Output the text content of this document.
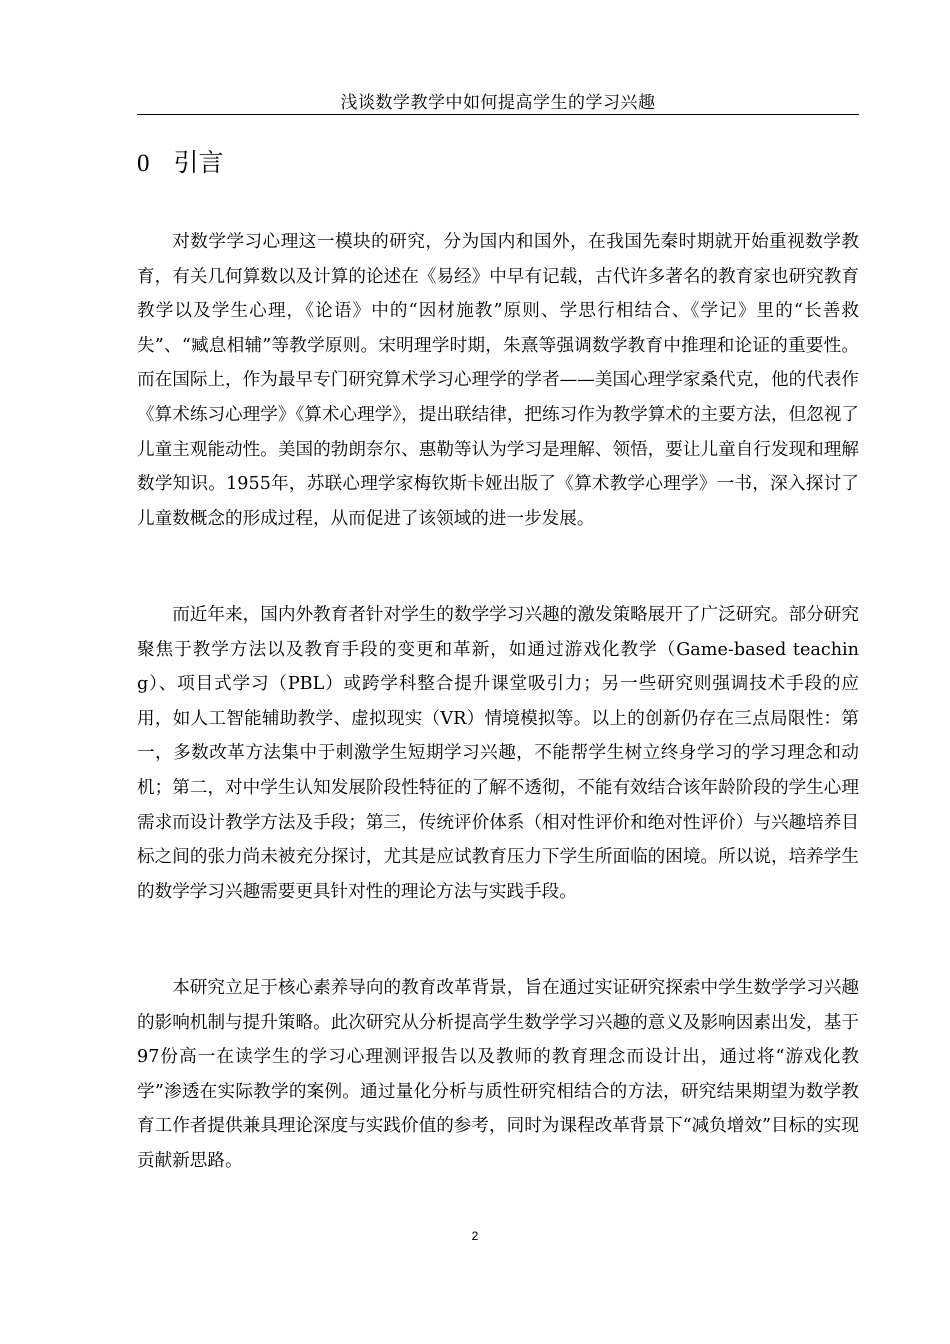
浅谈数学教学中如何提高学生的学习兴趣
0 引言

对数学学习心理这一模块的研究，分为国内和国外，在我国先秦时期就开始重视数学教育，有关几何算数以及计算的论述在《易经》中早有记载，古代许多著名的教育家也研究教育教学以及学生心理，《论语》中的“因材施教”原则、学思行相结合、《学记》里的“长善救失”、“臧息相辅”等教学原则。宋明理学时期，朱熹等强调数学教育中推理和论证的重要性。而在国际上，作为最早专门研究算术学习心理学的学者——美国心理学家桑代克，他的代表作《算术练习心理学》《算术心理学》，提出联结律，把练习作为教学算术的主要方法，但忽视了儿童主观能动性。美国的勃朗奈尔、惠勒等认为学习是理解、领悟，要让儿童自行发现和理解数学知识。1955年，苏联心理学家梅钦斯卡娅出版了《算术教学心理学》一书，深入探讨了儿童数概念的形成过程，从而促进了该领域的进一步发展。

而近年来，国内外教育者针对学生的数学学习兴趣的激发策略展开了广泛研究。部分研究聚焦于教学方法以及教育手段的变更和革新，如通过游戏化教学（Game-based teaching）、项目式学习（PBL）或跨学科整合提升课堂吸引力；另一些研究则强调技术手段的应用，如人工智能辅助教学、虚拟现实（VR）情境模拟等。以上的创新仍存在三点局限性：第一，多数改革方法集中于刺激学生短期学习兴趣，不能帮学生树立终身学习的学习理念和动机；第二，对中学生认知发展阶段性特征的了解不透彻，不能有效结合该年龄阶段的学生心理需求而设计教学方法及手段；第三，传统评价体系（相对性评价和绝对性评价）与兴趣培养目标之间的张力尚未被充分探讨，尤其是应试教育压力下学生所面临的困境。所以说，培养学生的数学学习兴趣需要更具针对性的理论方法与实践手段。

本研究立足于核心素养导向的教育改革背景，旨在通过实证研究探索中学生数学学习兴趣的影响机制与提升策略。此次研究从分析提高学生数学学习兴趣的意义及影响因素出发，基于97份高一在读学生的学习心理测评报告以及教师的教育理念而设计出，通过将“游戏化教学”渗透在实际教学的案例。通过量化分析与质性研究相结合的方法，研究结果期望为数学教育工作者提供兼具理论深度与实践价值的参考，同时为课程改革背景下“减负增效”目标的实现贡献新思路。

2
